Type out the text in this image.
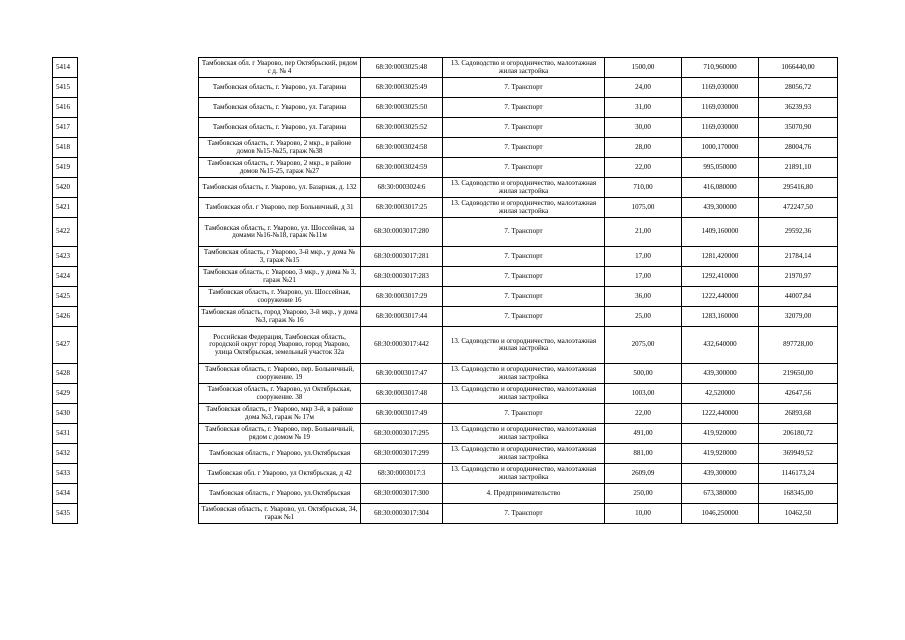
5414		Тамбовская обл. г Уварово, пер Октябрьский, рядом с д. № 4	68:30:0003025:48	13. Садоводство и огородничество, малоэтажная жилая застройка	1500,00	710,960000	1066440,00
5415		Тамбовская область, г. Уварово, ул. Гагарина	68:30:0003025:49	7. Транспорт	24,00	1169,030000	28056,72
5416		Тамбовская область, г. Уварово, ул. Гагарина	68:30:0003025:50	7. Транспорт	31,00	1169,030000	36239,93
5417		Тамбовская область, г. Уварово, ул. Гагарина	68:30:0003025:52	7. Транспорт	30,00	1169,030000	35070,90
5418		Тамбовская область, г. Уварово, 2 мкр., в районе домов №15-№25, гараж №38	68:30:0003024:58	7. Транспорт	28,00	1000,170000	28004,76
5419		Тамбовская область, г. Уварово, 2 мкр., в районе домов №15-25, гараж №27	68:30:0003024:59	7. Транспорт	22,00	995,050000	21891,10
5420		Тамбовская область, г. Уварово, ул. Базарная, д. 132	68:30:0003024:6	13. Садоводство и огородничество, малоэтажная жилая застройка	710,00	416,080000	295416,80
5421		Тамбовская обл. г Уварово, пер Больничный, д 31	68:30:0003017:25	13. Садоводство и огородничество, малоэтажная жилая застройка	1075,00	439,300000	472247,50
5422		Тамбовская область, г. Уварово, ул. Шоссейная, за домами №16-№18, гараж №11м	68:30:0003017:280	7. Транспорт	21,00	1409,160000	29592,36
5423		Тамбовская область, г Уварово, 3-й мкр., у дома № 3, гараж №15	68:30:0003017:281	7. Транспорт	17,00	1281,420000	21784,14
5424		Тамбовская область, г. Уварово, 3 мкр., у дома № 3, гараж №21	68:30:0003017:283	7. Транспорт	17,00	1292,410000	21970,97
5425		Тамбовская область, г. Уварово, ул. Шоссейная, сооружение 16	68:30:0003017:29	7. Транспорт	36,00	1222,440000	44007,84
5426		Тамбовская область, город Уварово, 3-й мкр., у дома №3, гараж № 16	68:30:0003017:44	7. Транспорт	25,00	1283,160000	32079,00
5427		Российская Федерация, Тамбовская область, городской округ город Уварово, город Уварово, улица Октябрьская, земельный участок 32а	68:30:0003017:442	13. Садоводство и огородничество, малоэтажная жилая застройка	2075,00	432,640000	897728,00
5428		Тамбовская область, г. Уварово, пер. Больничный, сооружение. 19	68:30:0003017:47	13. Садоводство и огородничество, малоэтажная жилая застройка	500,00	439,300000	219650,00
5429		Тамбовская область, г. Уварово, ул Октябрьская, сооружение. 38	68:30:0003017:48	13. Садоводство и огородничество, малоэтажная жилая застройка	1003,00	42,520000	42647,56
5430		Тамбовская область, г Уварово, мкр 3-й, в районе дома №3, гараж № 17м	68:30:0003017:49	7. Транспорт	22,00	1222,440000	26893,68
5431		Тамбовская область, г. Уварово, пер. Больничный, рядом с домом № 19	68:30:0003017:295	13. Садоводство и огородничество, малоэтажная жилая застройка	491,00	419,920000	206180,72
5432		Тамбовская область, г Уварово, ул.Октябрьская	68:30:0003017:299	13. Садоводство и огородничество, малоэтажная жилая застройка	881,00	419,920000	369949,52
5433		Тамбовская обл. г Уварово, ул Октябрьская, д 42	68:30:0003017:3	13. Садоводство и огородничество, малоэтажная жилая застройка	2609,09	439,300000	1146173,24
5434		Тамбовская область, г Уварово, ул.Октябрьская	68:30:0003017:300	4. Предпринимательство	250,00	673,380000	168345,00
5435		Тамбовская область, г. Уварово, ул. Октябрьская, 34, гараж №1	68:30:0003017:304	7. Транспорт	10,00	1046,250000	10462,50
